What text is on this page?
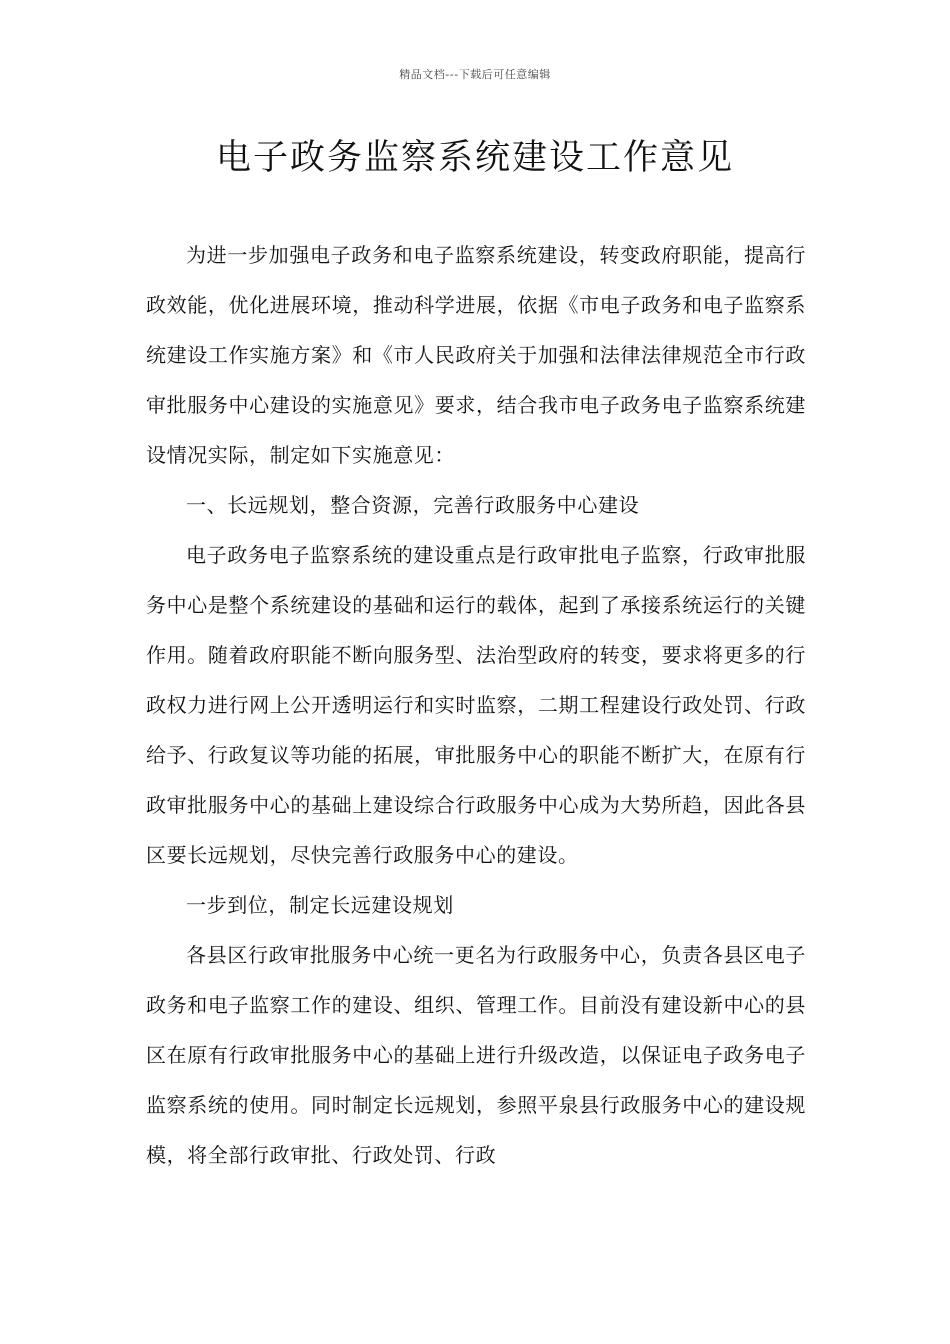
精品文档---下载后可任意编辑
电子政务监察系统建设工作意见

为进一步加强电子政务和电子监察系统建设，转变政府职能，提高行政效能，优化进展环境，推动科学进展，依据《市电子政务和电子监察系统建设工作实施方案》和《市人民政府关于加强和法律法律规范全市行政审批服务中心建设的实施意见》要求，结合我市电子政务电子监察系统建设情况实际，制定如下实施意见：

一、长远规划，整合资源，完善行政服务中心建设

电子政务电子监察系统的建设重点是行政审批电子监察，行政审批服务中心是整个系统建设的基础和运行的载体，起到了承接系统运行的关键作用。随着政府职能不断向服务型、法治型政府的转变，要求将更多的行政权力进行网上公开透明运行和实时监察，二期工程建设行政处罚、行政给予、行政复议等功能的拓展，审批服务中心的职能不断扩大，在原有行政审批服务中心的基础上建设综合行政服务中心成为大势所趋，因此各县区要长远规划，尽快完善行政服务中心的建设。

一步到位，制定长远建设规划

各县区行政审批服务中心统一更名为行政服务中心，负责各县区电子政务和电子监察工作的建设、组织、管理工作。目前没有建设新中心的县区在原有行政审批服务中心的基础上进行升级改造，以保证电子政务电子监察系统的使用。同时制定长远规划，参照平泉县行政服务中心的建设规模，将全部行政审批、行政处罚、行政
